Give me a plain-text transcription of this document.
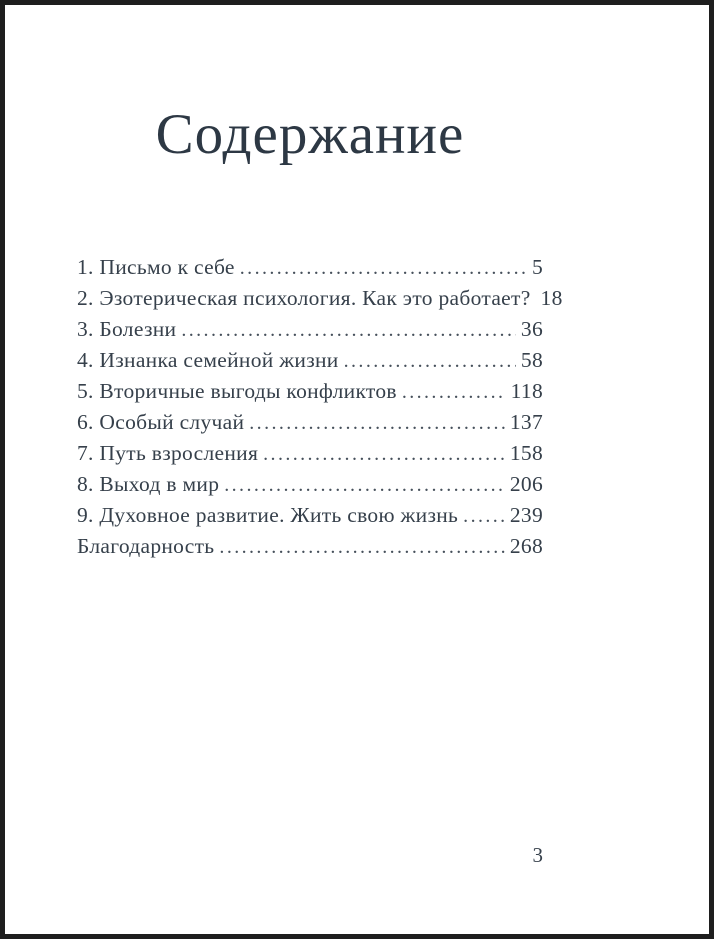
Содержание
1. Письмо к себе .....	5
2. Эзотерическая психология. Как это работает? 18
3. Болезни .....	36
4. Изнанка семейной жизни .....	58
5. Вторичные выгоды конфликтов .....	118
6. Особый случай .....	137
7. Путь взросления .....	158
8. Выход в мир .....	206
9. Духовное развитие. Жить свою жизнь ..... 239
Благодарность .....	268
3
